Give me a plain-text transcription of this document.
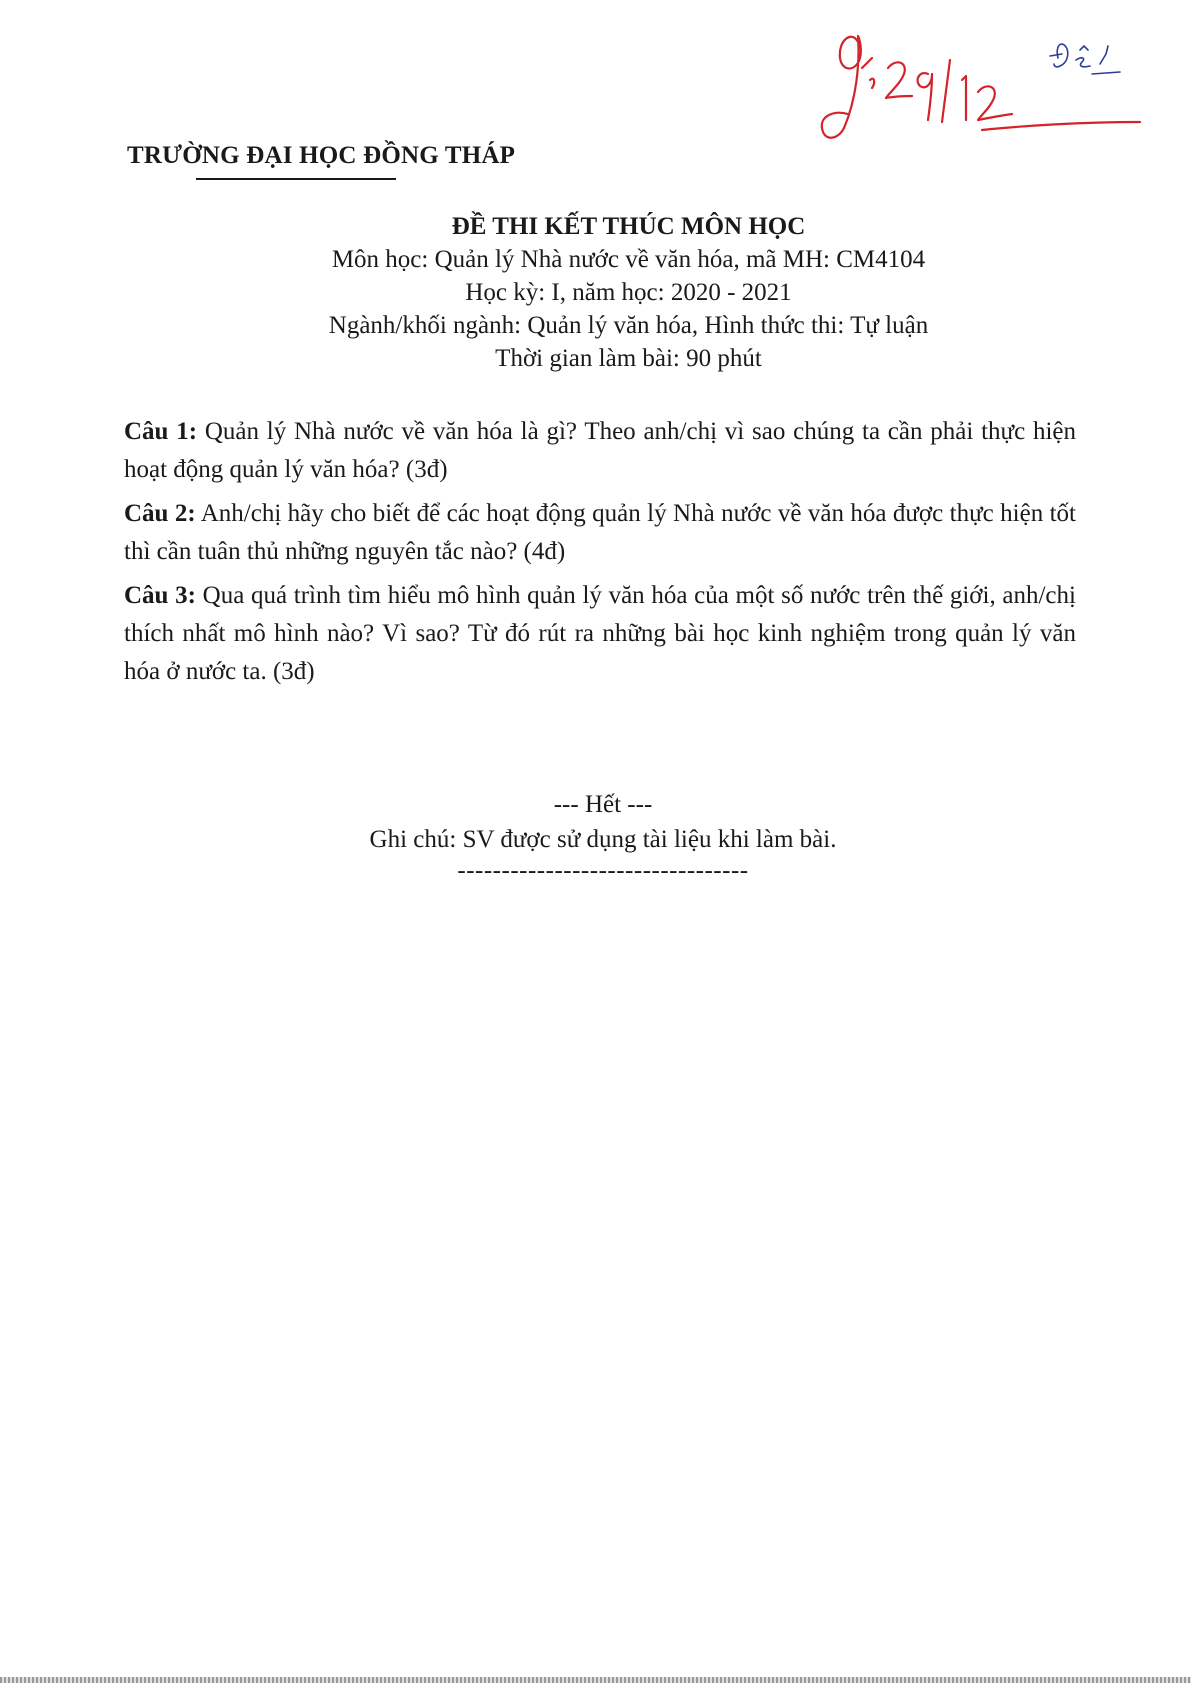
TRƯỜNG ĐẠI HỌC ĐỒNG THÁP
ĐỀ THI KẾT THÚC MÔN HỌC
Môn học: Quản lý Nhà nước về văn hóa, mã MH: CM4104
Học kỳ: I, năm học: 2020 - 2021
Ngành/khối ngành: Quản lý văn hóa, Hình thức thi: Tự luận
Thời gian làm bài: 90 phút

Câu 1: Quản lý Nhà nước về văn hóa là gì? Theo anh/chị vì sao chúng ta cần phải thực hiện hoạt động quản lý văn hóa? (3đ)

Câu 2: Anh/chị hãy cho biết để các hoạt động quản lý Nhà nước về văn hóa được thực hiện tốt thì cần tuân thủ những nguyên tắc nào? (4đ)

Câu 3: Qua quá trình tìm hiểu mô hình quản lý văn hóa của một số nước trên thế giới, anh/chị thích nhất mô hình nào? Vì sao? Từ đó rút ra những bài học kinh nghiệm trong quản lý văn hóa ở nước ta. (3đ)

--- Hết ---
Ghi chú: SV được sử dụng tài liệu khi làm bài.
---------------------------------
